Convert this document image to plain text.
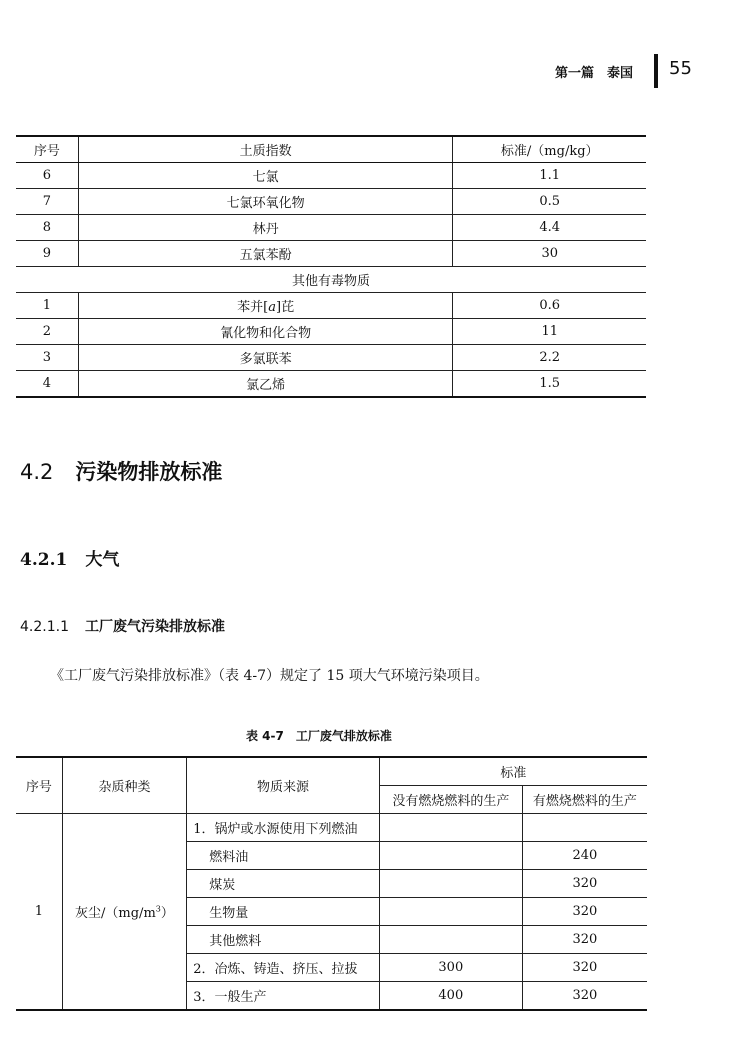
第一篇　泰国 55
序号	土质指数	标准/（mg/kg）
6	七氯	1.1
7	七氯环氧化物	0.5
8	林丹	4.4
9	五氯苯酚	30
其他有毒物质		
1	苯并[a]芘	0.6
2	氰化物和化合物	11
3	多氯联苯	2.2
4	氯乙烯	1.5
4.2 污染物排放标准
4.2.1 大气
4.2.1.1 工厂废气污染排放标准
《工厂废气污染排放标准》（表 4-7）规定了 15 项大气环境污染项目。
表 4-7　工厂废气排放标准
序号	杂质种类	物质来源	标准	
			没有燃烧燃料的生产	有燃烧燃料的生产
1	灰尘$/(mg/m^3)$	1．锅炉或水源使用下列燃油		
		燃料油		240
		煤炭		320
		生物量		320
		其他燃料		320
		2．冶炼、铸造、挤压、拉拔	300	320
		3．一般生产	400	320
